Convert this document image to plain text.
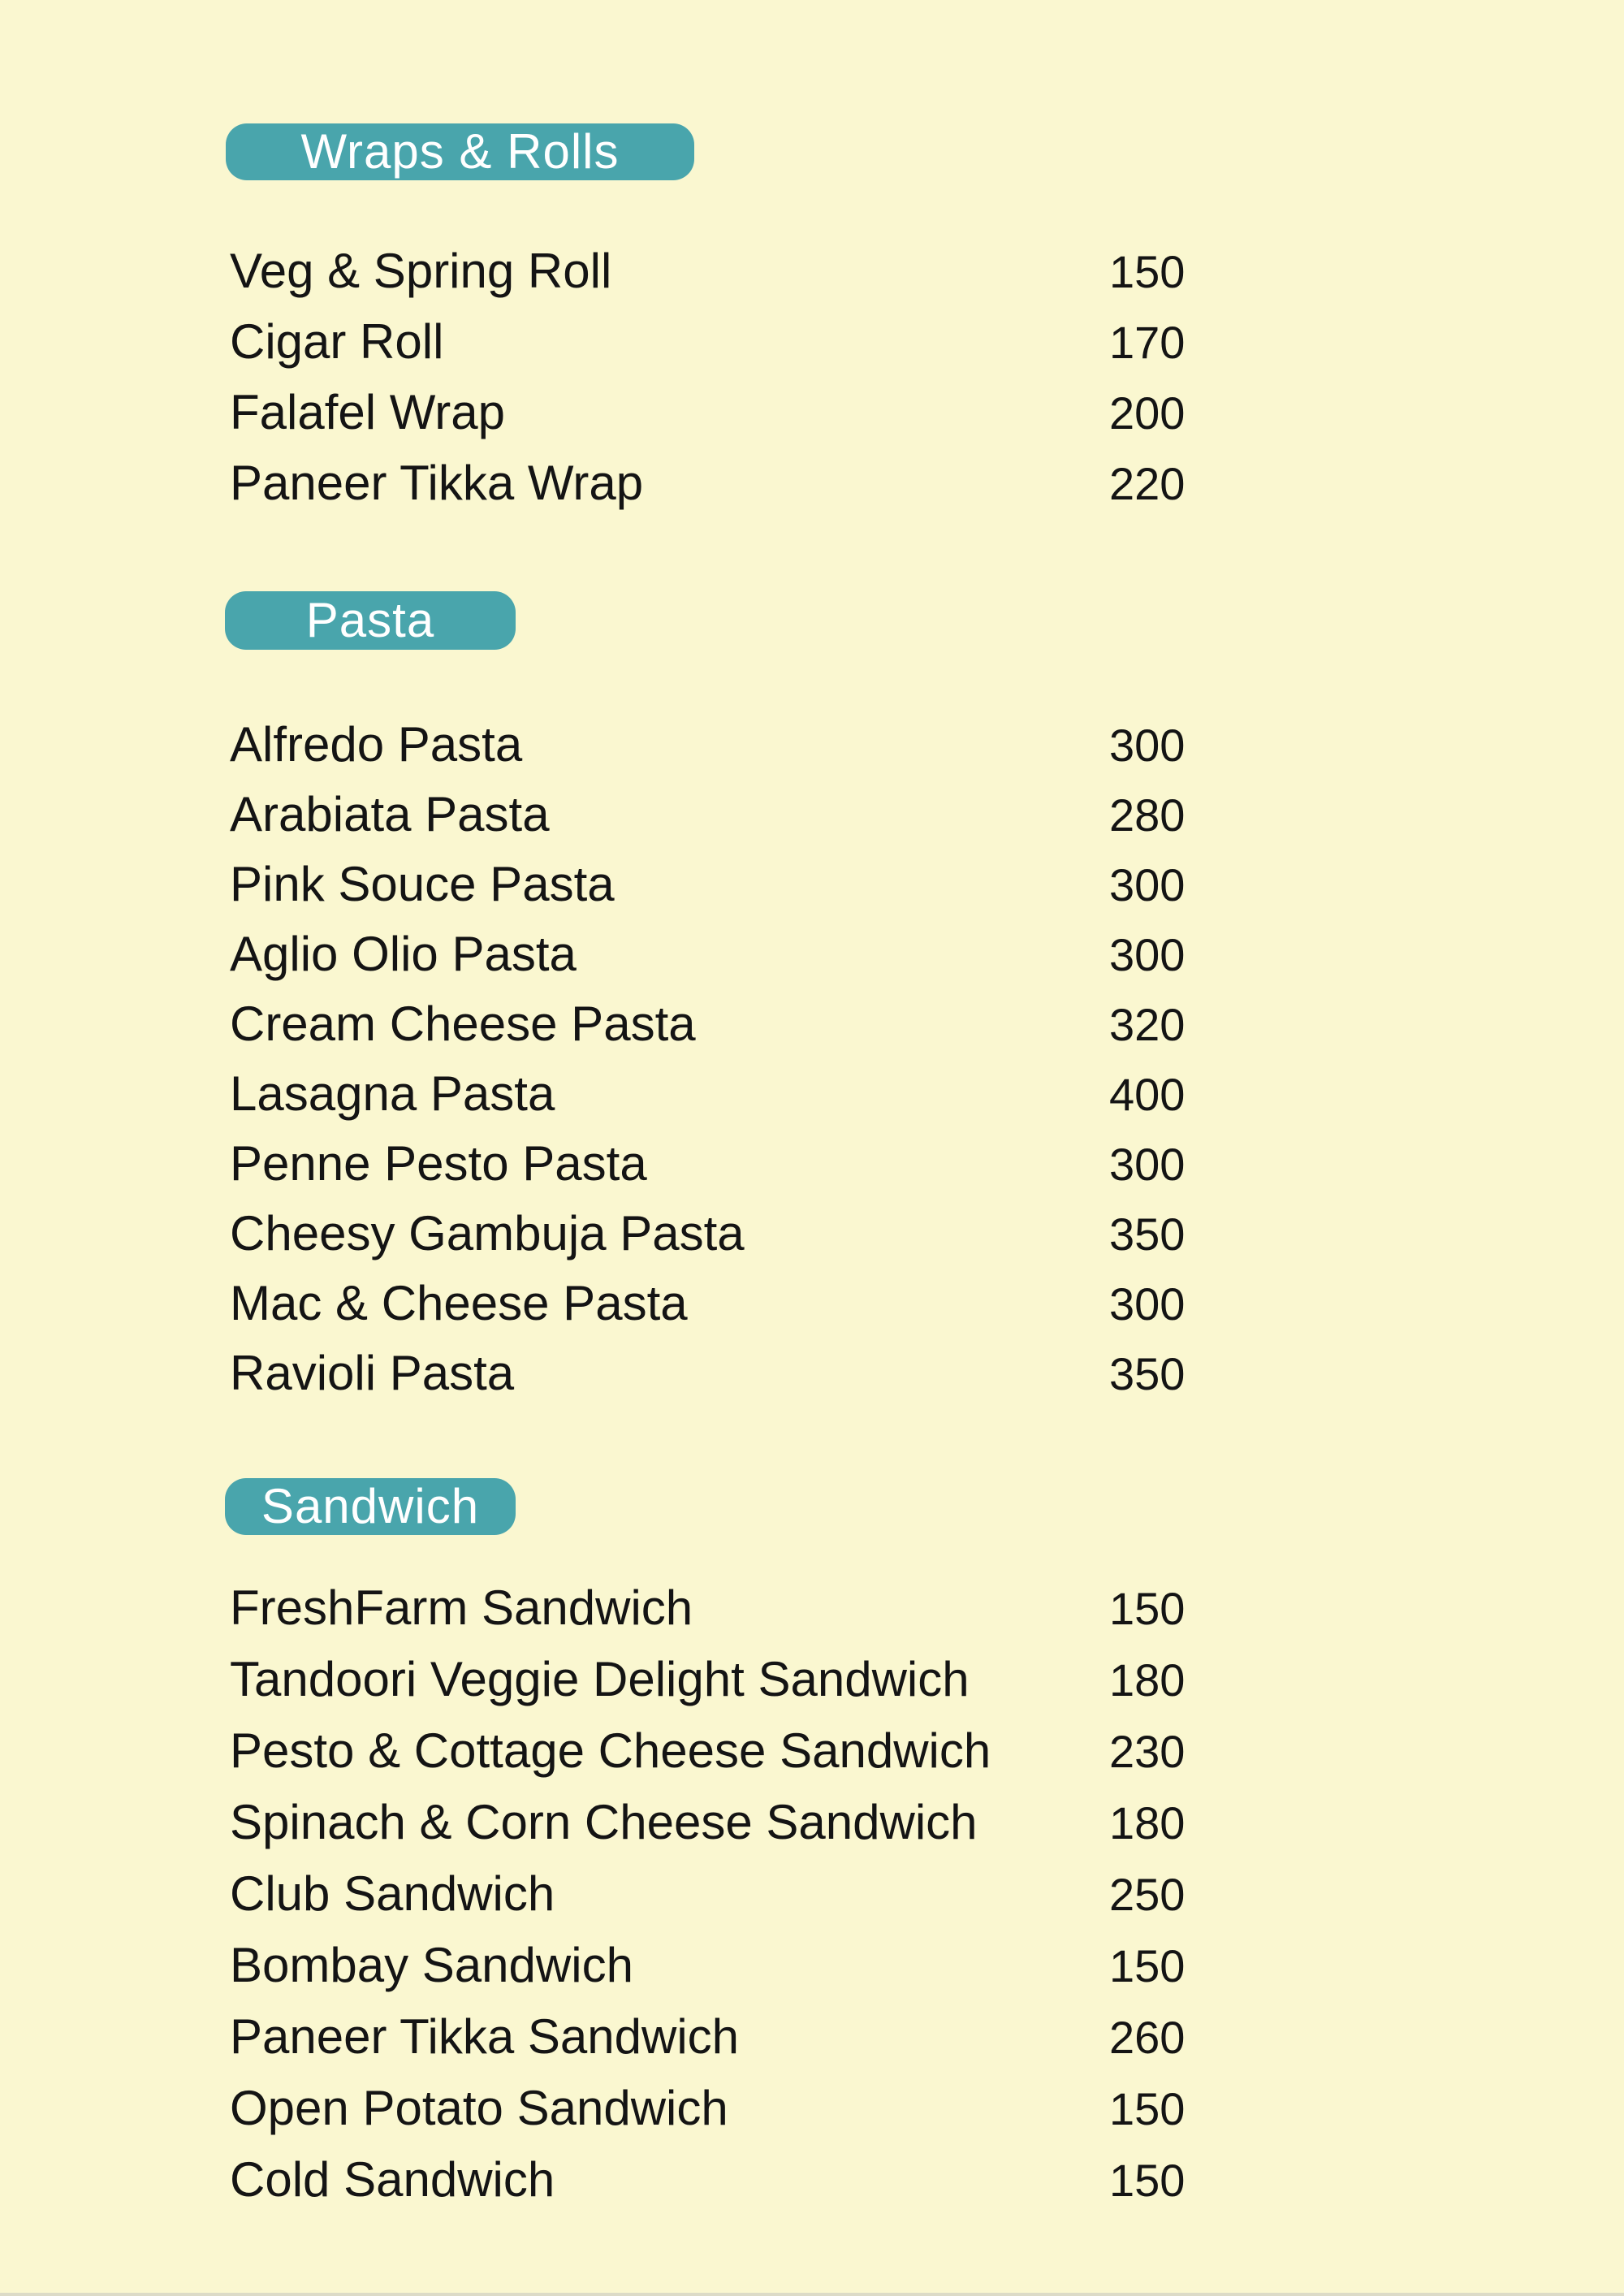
Wraps & Rolls
Veg & Spring Roll	150
Cigar Roll	170
Falafel Wrap	200
Paneer Tikka Wrap	220
Pasta
Alfredo Pasta	300
Arabiata Pasta	280
Pink Souce Pasta	300
Aglio Olio Pasta	300
Cream Cheese Pasta	320
Lasagna Pasta	400
Penne Pesto Pasta	300
Cheesy Gambuja Pasta	350
Mac & Cheese Pasta	300
Ravioli Pasta	350
Sandwich
FreshFarm Sandwich	150
Tandoori Veggie Delight Sandwich	180
Pesto & Cottage Cheese Sandwich	230
Spinach & Corn Cheese Sandwich	180
Club Sandwich	250
Bombay Sandwich	150
Paneer Tikka Sandwich	260
Open Potato Sandwich	150
Cold Sandwich	150
